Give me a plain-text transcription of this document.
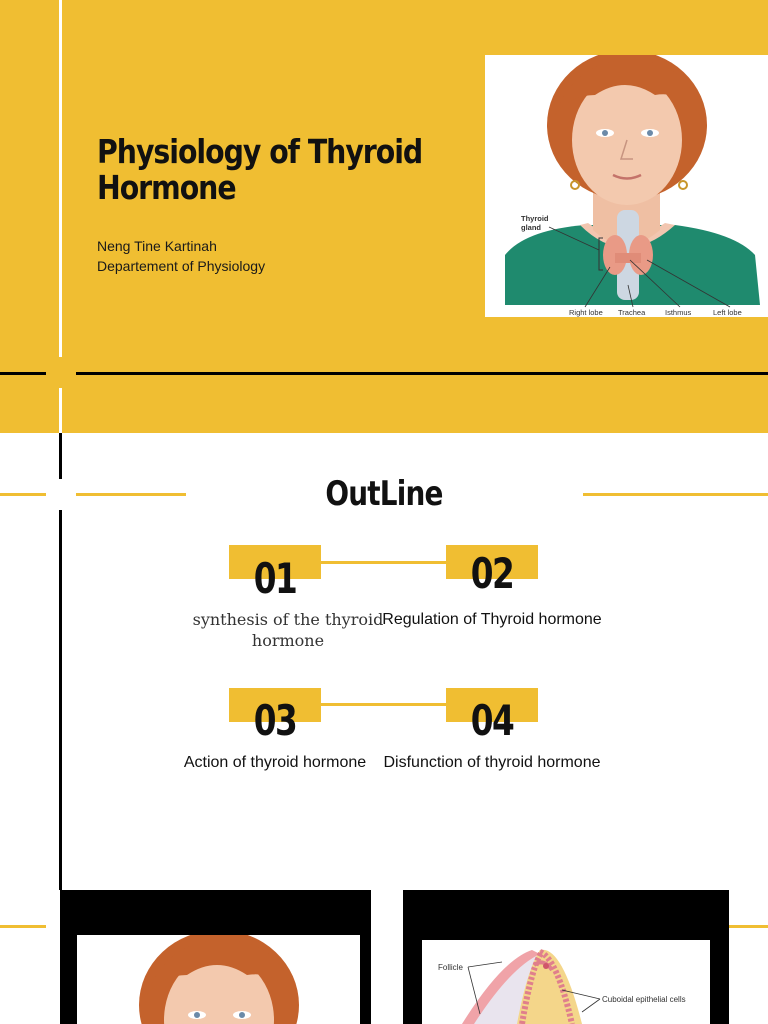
Physiology of Thyroid Hormone
Neng Tine Kartinah
Departement of Physiology
Thyroid
gland
Right lobe Trachea	Isthmus	Left lobe
OutLine
01
synthesis of the thyroid hormone
02
Regulation of Thyroid hormone
03
Action of thyroid hormone
04
Disfunction of thyroid hormone
Follicle
Cuboidal epithelial cells
